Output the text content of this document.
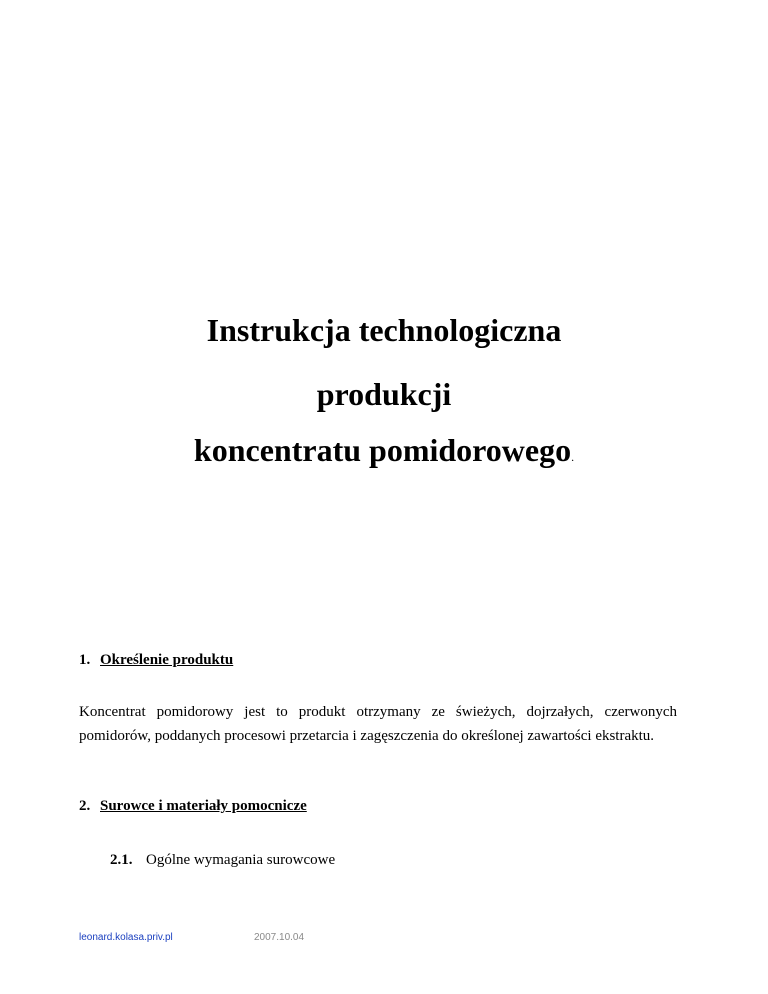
Instrukcja technologiczna
produkcji
koncentratu pomidorowego.
1. Określenie produktu
Koncentrat pomidorowy jest to produkt otrzymany ze świeżych, dojrzałych, czerwonych pomidorów, poddanych procesowi przetarcia i zagęszczenia do określonej zawartości ekstraktu.
2. Surowce i materiały pomocnicze
2.1. Ogólne wymagania surowcowe
leonard.kolasa.priv.pl	2007.10.04
